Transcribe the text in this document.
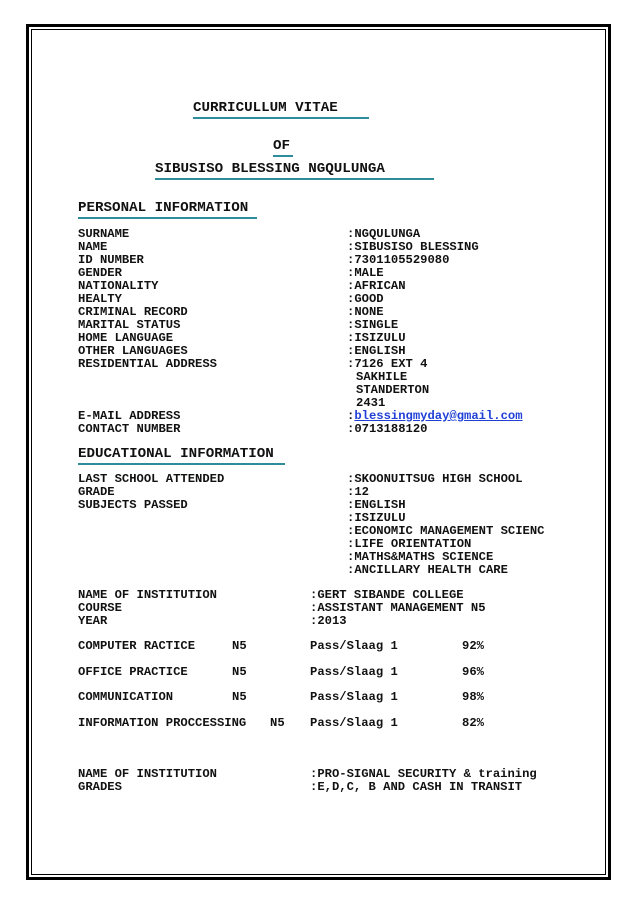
CURRICULLUM VITAE
OF
SIBUSISO BLESSING NGQULUNGA
PERSONAL INFORMATION
SURNAME	:NGQULUNGA
NAME	:SIBUSISO BLESSING
ID NUMBER	:7301105529080
GENDER	:MALE
NATIONALITY	:AFRICAN
HEALTY	:GOOD
CRIMINAL RECORD	:NONE
MARITAL STATUS	:SINGLE
HOME LANGUAGE	:ISIZULU
OTHER LANGUAGES	:ENGLISH
RESIDENTIAL ADDRESS	:7126 EXT 4
SAKHILE
STANDERTON
2431
E-MAIL ADDRESS	:blessingmyday@gmail.com
CONTACT NUMBER	:0713188120
EDUCATIONAL INFORMATION
LAST SCHOOL ATTENDED	:SKOONUITSUG HIGH SCHOOL
GRADE	:12
SUBJECTS PASSED	:ENGLISH
:ISIZULU
:ECONOMIC MANAGEMENT SCIENC
:LIFE ORIENTATION
:MATHS&MATHS SCIENCE
:ANCILLARY HEALTH CARE
NAME OF INSTITUTION	:GERT SIBANDE COLLEGE
COURSE	:ASSISTANT MANAGEMENT N5
YEAR	:2013
COMPUTER RACTICE	N5	Pass/Slaag 1	92%
OFFICE PRACTICE	N5	Pass/Slaag 1	96%
COMMUNICATION	N5	Pass/Slaag 1	98%
INFORMATION PROCCESSING N5 Pass/Slaag 1	82%
NAME OF INSTITUTION	:PRO-SIGNAL SECURITY & training
GRADES	:E,D,C, B AND CASH IN TRANSIT
